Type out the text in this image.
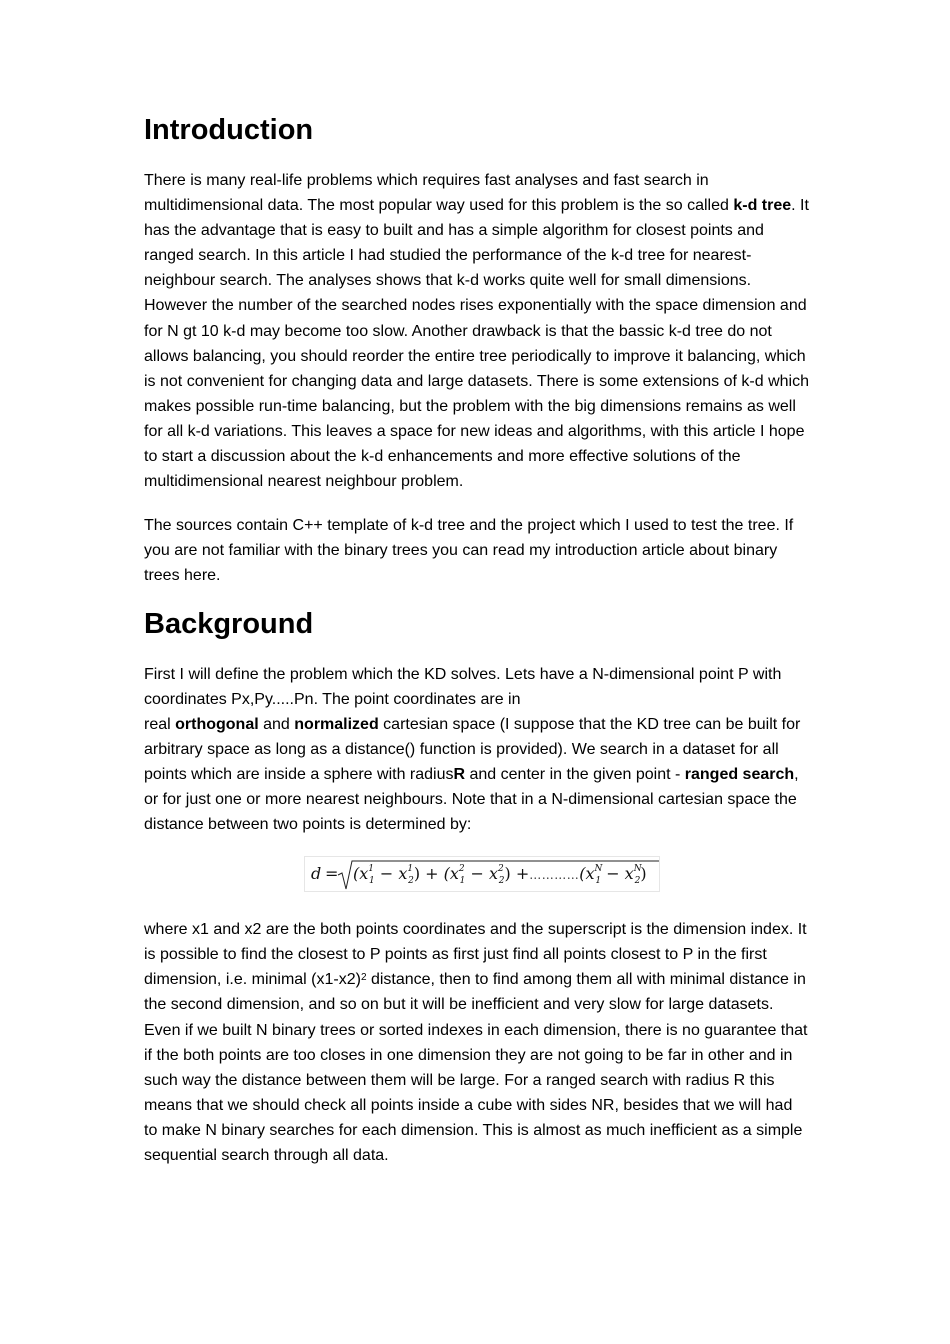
Introduction

There is many real-life problems which requires fast analyses and fast search in multidimensional data. The most popular way used for this problem is the so called k-d tree. It has the advantage that is easy to built and has a simple algorithm for closest points and ranged search. In this article I had studied the performance of the k-d tree for nearest-neighbour search. The analyses shows that k-d works quite well for small dimensions. However the number of the searched nodes rises exponentially with the space dimension and for N gt 10 k-d may become too slow. Another drawback is that the bassic k-d tree do not allows balancing, you should reorder the entire tree periodically to improve it balancing, which is not convenient for changing data and large datasets. There is some extensions of k-d which makes possible run-time balancing, but the problem with the big dimensions remains as well for all k-d variations. This leaves a space for new ideas and algorithms, with this article I hope to start a discussion about the k-d enhancements and more effective solutions of the multidimensional nearest neighbour problem.

The sources contain C++ template of k-d tree and the project which I used to test the tree. If you are not familiar with the binary trees you can read my introduction article about binary trees here.

Background

First I will define the problem which the KD solves. Lets have a N-dimensional point P with coordinates Px,Py.....Pn. The point coordinates are in
real orthogonal and normalized cartesian space (I suppose that the KD tree can be built for arbitrary space as long as a distance() function is provided). We search in a dataset for all points which are inside a sphere with radiusR and center in the given point - ranged search, or for just one or more nearest neighbours. Note that in a N-dimensional cartesian space the distance between two points is determined by:

$d = (x^1_1 - x^1_2) + (x^2_1 - x^2_2)$ $+\dots\dots\dots\dots(x^N_1 - x^N_2)$

where x1 and x2 are the both points coordinates and the superscript is the dimension index. It is possible to find the closest to P points as first just find all points closest to P in the first dimension, i.e. minimal $(x1-x2)^2$ distance, then to find among them all with minimal distance in the second dimension, and so on but it will be inefficient and very slow for large datasets. Even if we built N binary trees or sorted indexes in each dimension, there is no guarantee that if the both points are too closes in one dimension they are not going to be far in other and in such way the distance between them will be large. For a ranged search with radius R this means that we should check all points inside a cube with sides NR, besides that we will had to make N binary searches for each dimension. This is almost as much inefficient as a simple sequential search through all data.
